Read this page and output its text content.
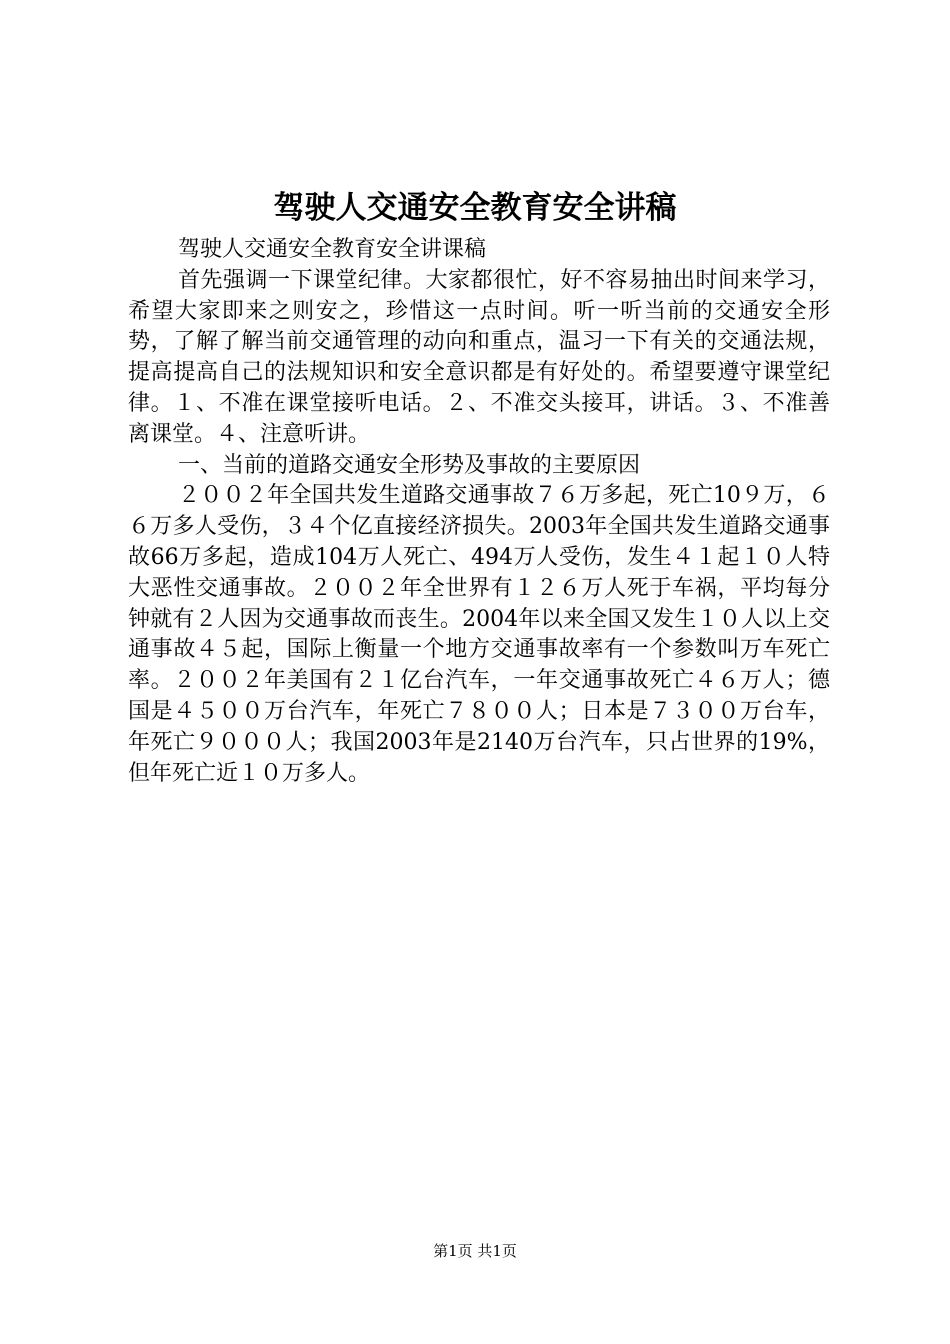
驾驶人交通安全教育安全讲稿

驾驶人交通安全教育安全讲课稿

首先强调一下课堂纪律。大家都很忙，好不容易抽出时间来学习，希望大家即来之则安之，珍惜这一点时间。听一听当前的交通安全形势，了解了解当前交通管理的动向和重点，温习一下有关的交通法规，提高提高自己的法规知识和安全意识都是有好处的。希望要遵守课堂纪律。１、不准在课堂接听电话。２、不准交头接耳，讲话。３、不准善离课堂。４、注意听讲。

一、当前的道路交通安全形势及事故的主要原因

２００２年全国共发生道路交通事故７６万多起，死亡10９万，６６万多人受伤，３４个亿直接经济损失。2003年全国共发生道路交通事故66万多起，造成104万人死亡、494万人受伤，发生４１起１０人特大恶性交通事故。２００２年全世界有１２６万人死于车祸，平均每分钟就有２人因为交通事故而丧生。2004年以来全国又发生１０人以上交通事故４５起，国际上衡量一个地方交通事故率有一个参数叫万车死亡率。２００２年美国有２１亿台汽车，一年交通事故死亡４６万人；德国是４５００万台汽车，年死亡７８００人；日本是７３００万台车，年死亡９０００人；我国2003年是2140万台汽车，只占世界的19%，但年死亡近１０万多人。

第1页 共1页
